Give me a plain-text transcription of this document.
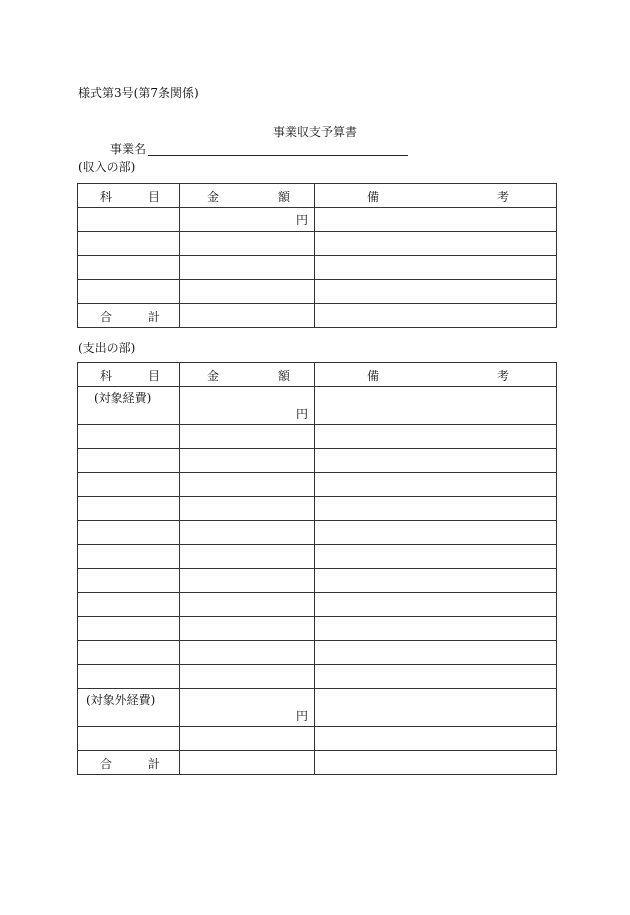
様式第3号(第7条関係)
事業収支予算書
事業名
(収入の部)
科 目	金 額	備 考

	円	

合 計		

(支出の部)
科 目	金 額	備 考

(対象経費)	円	

(対象外経費)	円	

合 計		
